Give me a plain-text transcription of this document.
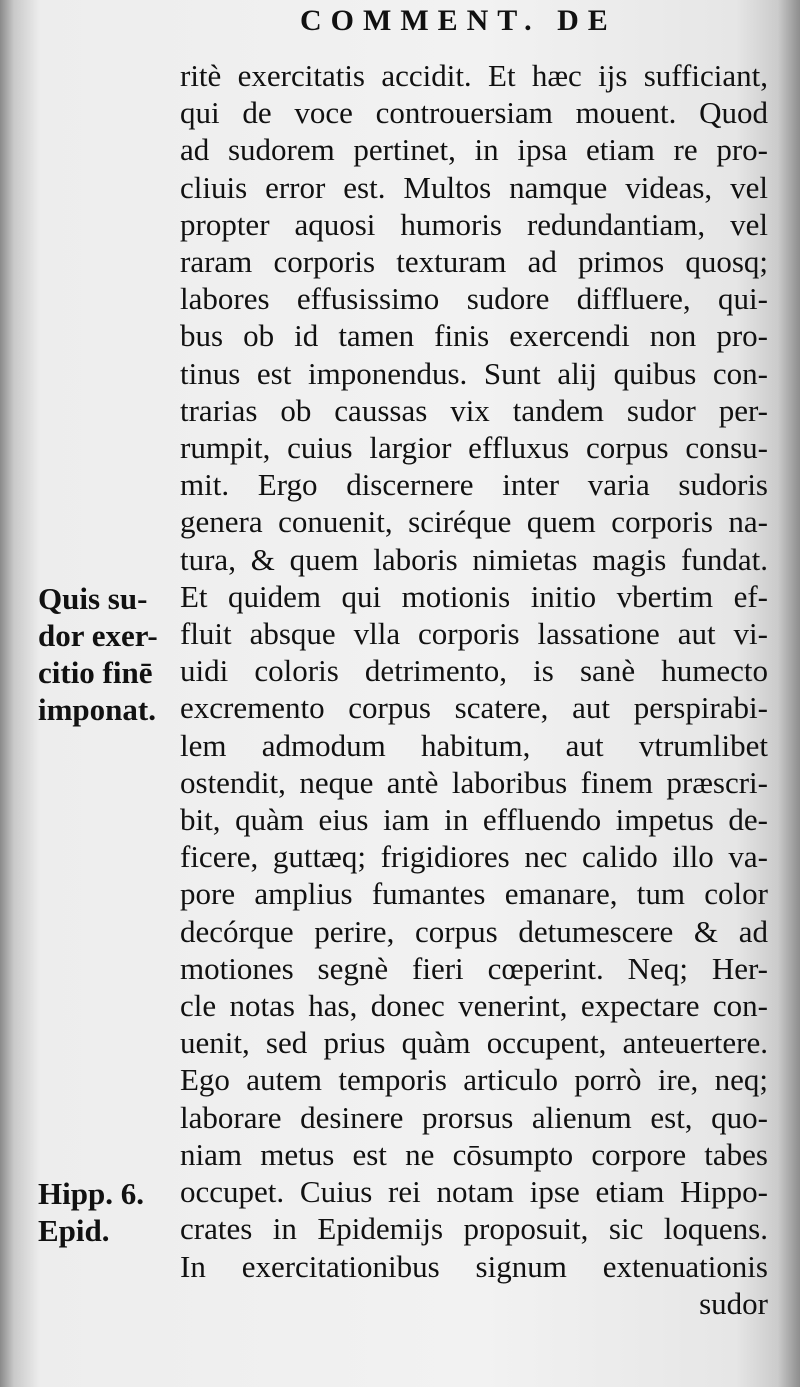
COMMENT. DE
ritè exercitatis accidit. Et hæc ijs sufficiant,
qui de voce controuersiam mouent. Quod
ad sudorem pertinet, in ipsa etiam re pro-
cliuis error est. Multos namque videas, vel
propter aquosi humoris redundantiam, vel
raram corporis texturam ad primos quosq;
labores effusissimo sudore diffluere, qui-
bus ob id tamen finis exercendi non pro-
tinus est imponendus. Sunt alij quibus con-
trarias ob caussas vix tandem sudor per-
rumpit, cuius largior effluxus corpus consu-
mit. Ergo discernere inter varia sudoris
genera conuenit, sciréque quem corporis na-
tura, & quem laboris nimietas magis fundat.
Et quidem qui motionis initio vbertim ef-
fluit absque vlla corporis lassatione aut vi-
uidi coloris detrimento, is sanè humecto
excremento corpus scatere, aut perspirabi-
lem admodum habitum, aut vtrumlibet
ostendit, neque antè laboribus finem præscri-
bit, quàm eius iam in effluendo impetus de-
ficere, guttæq; frigidiores nec calido illo va-
pore amplius fumantes emanare, tum color
decórque perire, corpus detumescere & ad
motiones segnè fieri cœperint. Neq; Her-
cle notas has, donec venerint, expectare con-
uenit, sed prius quàm occupent, anteuertere.
Ego autem temporis articulo porrò ire, neq;
laborare desinere prorsus alienum est, quo-
niam metus est ne cōsumpto corpore tabes
occupet. Cuius rei notam ipse etiam Hippo-
crates in Epidemijs proposuit, sic loquens.
In exercitationibus signum extenuationis
sudor
Quis su-
dor exer-
citio finē
imponat.
Hipp. 6.
Epid.
